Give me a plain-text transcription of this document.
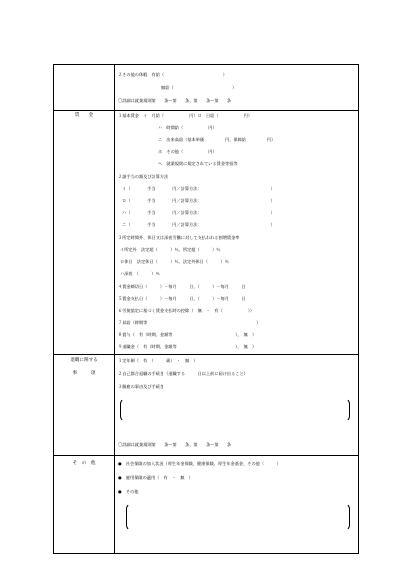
２その他の休暇　有給（　　　　　　　　　　　　　　）
無給（　　　　　　　　　　　　　　）
〇詳細は就業規則第　　条～第　　条、第　　条～第　　条
賃　　金	１基本賃金　イ　月給（　　　　　　円）ロ　日給（　　　　　　円）
ハ　時間給（　　　　　　円）
ニ　出来高給（基本単価　　　　　円、保障給　　　　　円）
ホ　その他（　　　　　　円）
へ　就業規則に規定されている賃金等級等
２諸手当の額及び計算方法
イ（　　　　手当　　　　円／計算方法：　　　　　　　　　　　　　　　　　）
ロ（　　　　手当　　　　円／計算方法：　　　　　　　　　　　　　　　　　）
ハ（　　　　手当　　　　円／計算方法：　　　　　　　　　　　　　　　　　）
ニ（　　　　手当　　　　円／計算方法：　　　　　　　　　　　　　　　　　）
３所定時間外、休日又は深夜労働に対して支払われる割増賃金率
イ所定外　法定超（　　　）％、所定超（　　　）％
ロ休日　法定休日（　　　）％、法定外休日（　　　）％
ハ深夜　（　　　）％
４賃金締切日（　　　）－毎月　　　日、（　　　）－毎月　　　日
５賃金支払日（　　　）－毎月　　　日、（　　　）－毎月　　　日
６労使協定に基づく賃金支払時の控除（　無　・　有（　　　　　　））
７昇給（時期等　　　　　　　　　　　　　　　　　　　　　　　　　　）
８賞与（　有（時期、金額等　　　　　　　　　　　　　　　），　無　）
９退職金（　有（時期、金額等　　　　　　　　　　　　　　），　無　）
退職に関する
事　　　項
１定年制（　有　（　　　歳）　・　無　）
２自己都合退職の手続き（退職する　　　日以上前に届け出ること）
３解雇の事由及び手続き
〇詳細は就業規則第　　条～第　　条、第　　条～第　　条
そ　の　他	●　社会保険の加入状況（厚生年金保険、健康保険、厚生年金基金、その他（　　　）
●　雇用保険の適用（　有　・　無　）
●　その他
